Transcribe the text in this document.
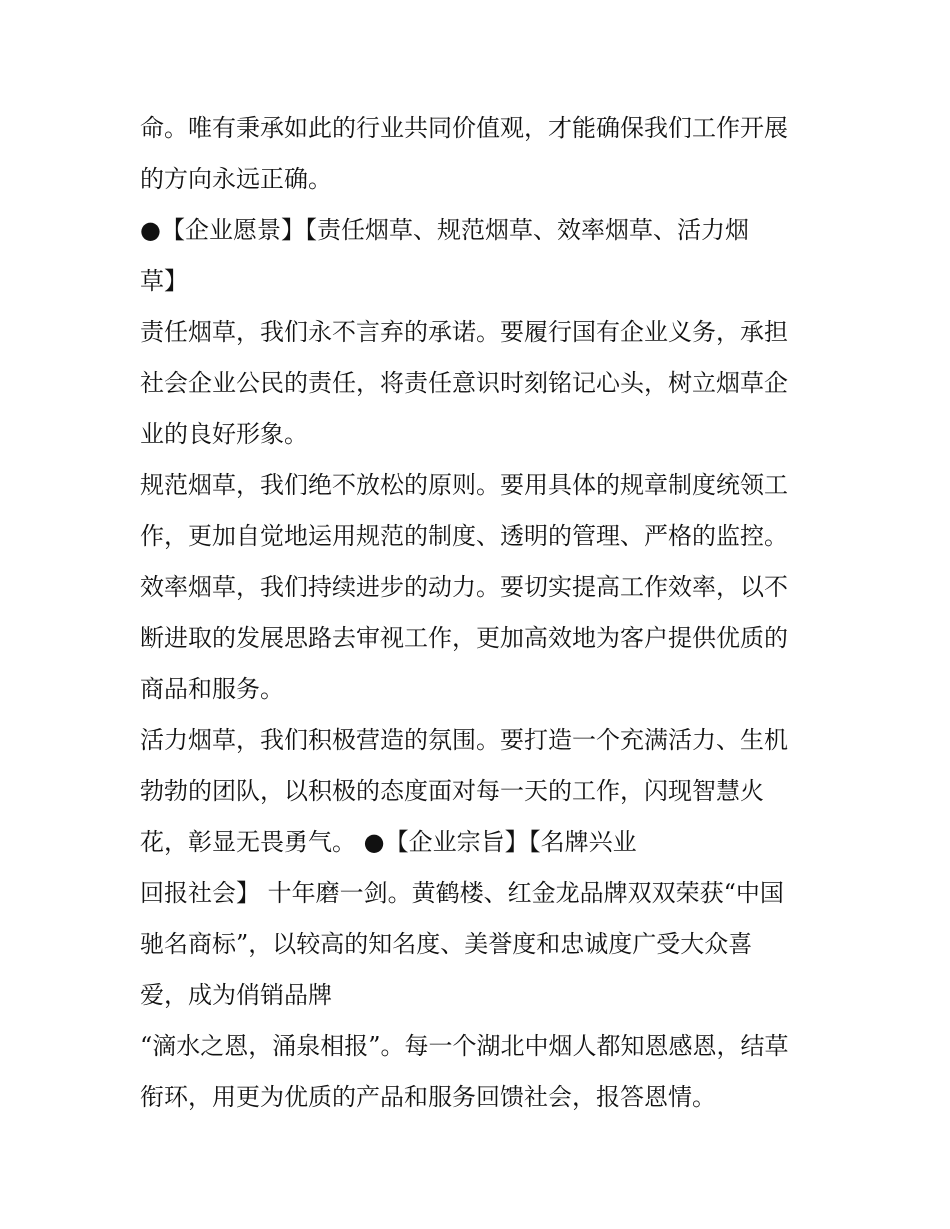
命。唯有秉承如此的行业共同价值观，才能确保我们工作开展
的方向永远正确。
●【企业愿景】【责任烟草、规范烟草、效率烟草、活力烟
草】
责任烟草，我们永不言弃的承诺。要履行国有企业义务，承担
社会企业公民的责任，将责任意识时刻铭记心头，树立烟草企
业的良好形象。
规范烟草，我们绝不放松的原则。要用具体的规章制度统领工
作，更加自觉地运用规范的制度、透明的管理、严格的监控。
效率烟草，我们持续进步的动力。要切实提高工作效率，以不
断进取的发展思路去审视工作，更加高效地为客户提供优质的
商品和服务。
活力烟草，我们积极营造的氛围。要打造一个充满活力、生机
勃勃的团队，以积极的态度面对每一天的工作，闪现智慧火
花，彰显无畏勇气。 ●【企业宗旨】【名牌兴业
回报社会】 十年磨一剑。黄鹤楼、红金龙品牌双双荣获“中国
驰名商标”，以较高的知名度、美誉度和忠诚度广受大众喜
爱，成为俏销品牌
“滴水之恩，涌泉相报”。每一个湖北中烟人都知恩感恩，结草
衔环，用更为优质的产品和服务回馈社会，报答恩情。
